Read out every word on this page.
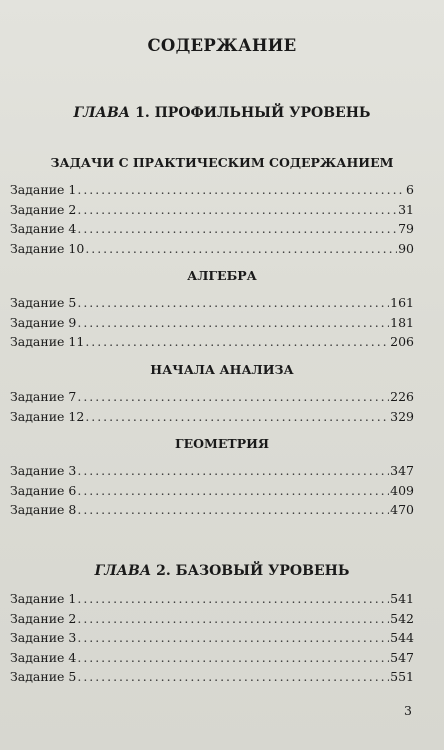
СОДЕРЖАНИЕ
ГЛАВА 1. ПРОФИЛЬНЫЙ УРОВЕНЬ
ЗАДАЧИ С ПРАКТИЧЕСКИМ СОДЕРЖАНИЕМ
Задание 1 . . .	6
Задание 2 . . .	31
Задание 4 . . .	79
Задание 10 . . .	90
АЛГЕБРА
Задание 5 . . .	161
Задание 9 . . .	181
Задание 11 . . .	206
НАЧАЛА АНАЛИЗА
Задание 7 . . .	226
Задание 12 . . .	329
ГЕОМЕТРИЯ
Задание 3 . . .	347
Задание 6 . . .	409
Задание 8 . . .	470
ГЛАВА 2. БАЗОВЫЙ УРОВЕНЬ
Задание 1 . . .	541
Задание 2 . . .	542
Задание 3 . . .	544
Задание 4 . . .	547
Задание 5 . . .	551
3
